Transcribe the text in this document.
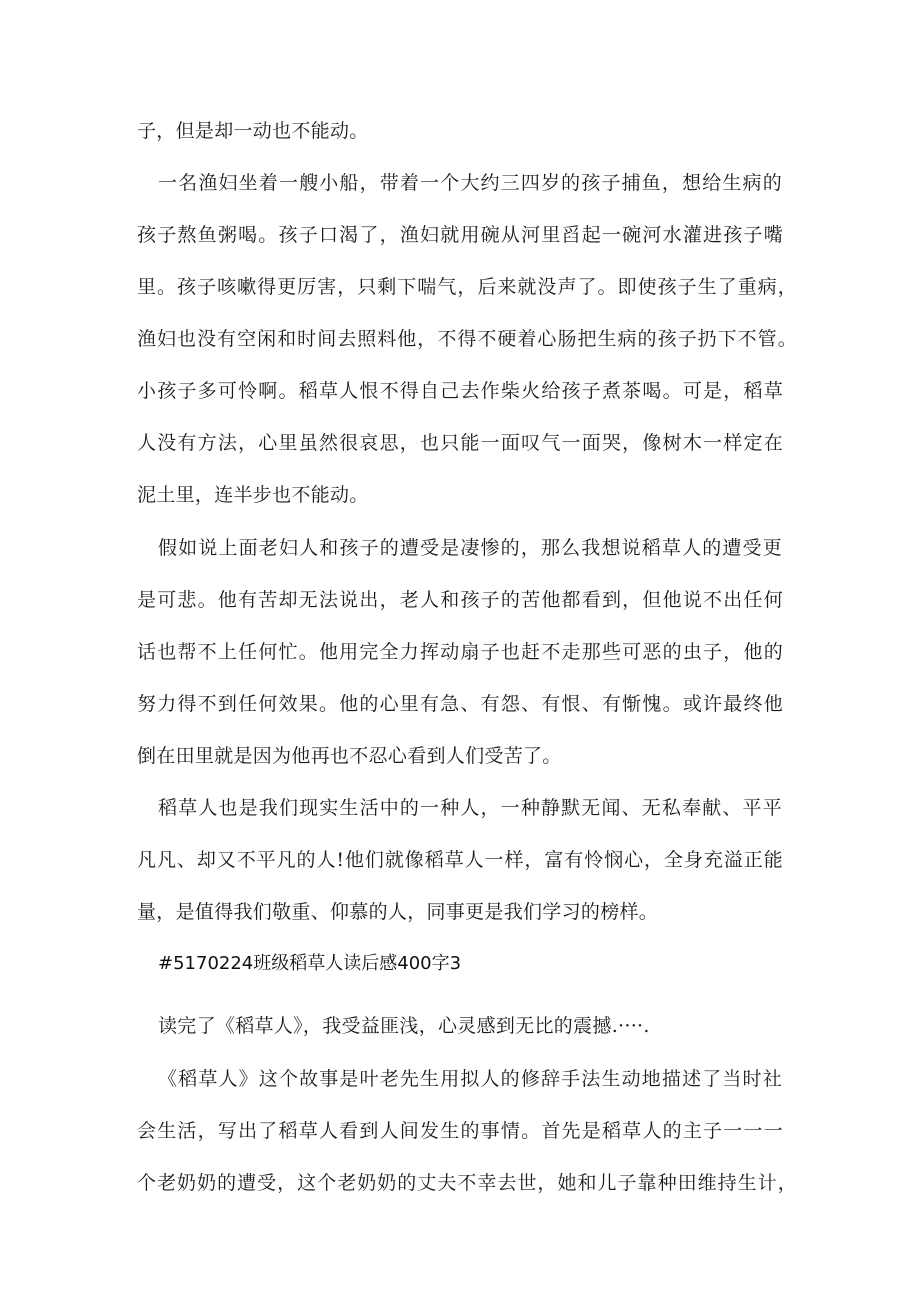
子，但是却一动也不能动。
一名渔妇坐着一艘小船，带着一个大约三四岁的孩子捕鱼，想给生病的
孩子熬鱼粥喝。孩子口渴了，渔妇就用碗从河里舀起一碗河水灌进孩子嘴
里。孩子咳嗽得更厉害，只剩下喘气，后来就没声了。即使孩子生了重病，
渔妇也没有空闲和时间去照料他，不得不硬着心肠把生病的孩子扔下不管。
小孩子多可怜啊。稻草人恨不得自己去作柴火给孩子煮茶喝。可是，稻草
人没有方法，心里虽然很哀思，也只能一面叹气一面哭，像树木一样定在
泥土里，连半步也不能动。
假如说上面老妇人和孩子的遭受是凄惨的，那么我想说稻草人的遭受更
是可悲。他有苦却无法说出，老人和孩子的苦他都看到，但他说不出任何
话也帮不上任何忙。他用完全力挥动扇子也赶不走那些可恶的虫子，他的
努力得不到任何效果。他的心里有急、有怨、有恨、有惭愧。或许最终他
倒在田里就是因为他再也不忍心看到人们受苦了。
稻草人也是我们现实生活中的一种人，一种静默无闻、无私奉献、平平
凡凡、却又不平凡的人!他们就像稻草人一样，富有怜悯心，全身充溢正能
#5170224班级稻草人读后感400字3
读完了《稻草人》，我受益匪浅，心灵感到无比的震撼.····.
《稻草人》这个故事是叶老先生用拟人的修辞手法生动地描述了当时社
会生活，写出了稻草人看到人间发生的事情。首先是稻草人的主子一一一
个老奶奶的遭受，这个老奶奶的丈夫不幸去世，她和儿子靠种田维持生计，
量，是值得我们敬重、仰慕的人，同事更是我们学习的榜样。
